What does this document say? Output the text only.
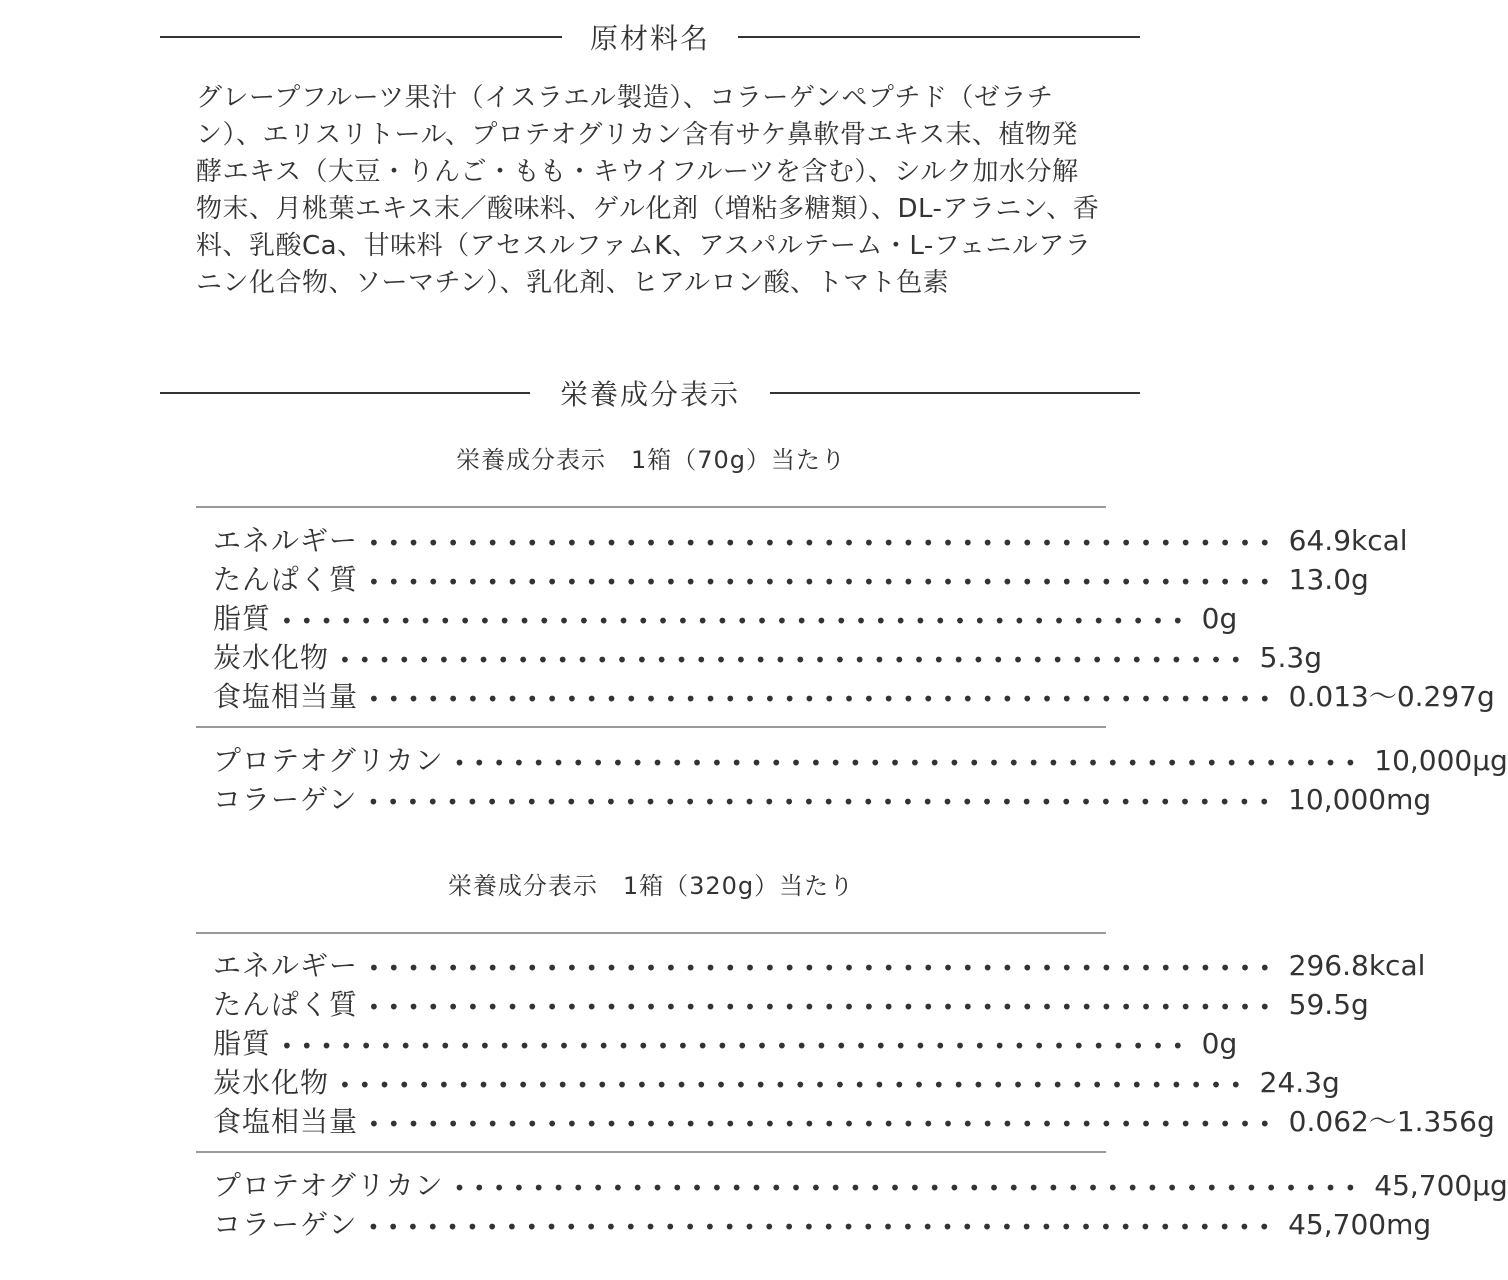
原材料名
グレープフルーツ果汁（イスラエル製造）、コラーゲンペプチド（ゼラチン）、エリスリトール、プロテオグリカン含有サケ鼻軟骨エキス末、植物発酵エキス（大豆・りんご・もも・キウイフルーツを含む）、シルク加水分解物末、月桃葉エキス末／酸味料、ゲル化剤（増粘多糖類）、DL-アラニン、香料、乳酸Ca、甘味料（アセスルファムK、アスパルテーム・L-フェニルアラニン化合物、ソーマチン）、乳化剤、ヒアルロン酸、トマト色素
栄養成分表示
栄養成分表示　1箱（70g）当たり
エネルギー •••••••••••••••••••••••••••••••••••••••••••••• 64.9kcal
たんぱく質 •••••••••••••••••••••••••••••••••••••••••••••• 13.0g
脂質 •••••••••••••••••••••••••••••••••••••••••••••• 0g
炭水化物 •••••••••••••••••••••••••••••••••••••••••••••• 5.3g
食塩相当量 •••••••••••••••••••••••••••••••••••••••••••••• 0.013〜0.297g
プロテオグリカン •••••••••••••••••••••••••••••••••••••••••••••• 10,000μg
コラーゲン •••••••••••••••••••••••••••••••••••••••••••••• 10,000mg
栄養成分表示　1箱（320g）当たり
エネルギー •••••••••••••••••••••••••••••••••••••••••••••• 296.8kcal
たんぱく質 •••••••••••••••••••••••••••••••••••••••••••••• 59.5g
脂質 •••••••••••••••••••••••••••••••••••••••••••••• 0g
炭水化物 •••••••••••••••••••••••••••••••••••••••••••••• 24.3g
食塩相当量 •••••••••••••••••••••••••••••••••••••••••••••• 0.062〜1.356g
プロテオグリカン •••••••••••••••••••••••••••••••••••••••••••••• 45,700μg
コラーゲン •••••••••••••••••••••••••••••••••••••••••••••• 45,700mg
